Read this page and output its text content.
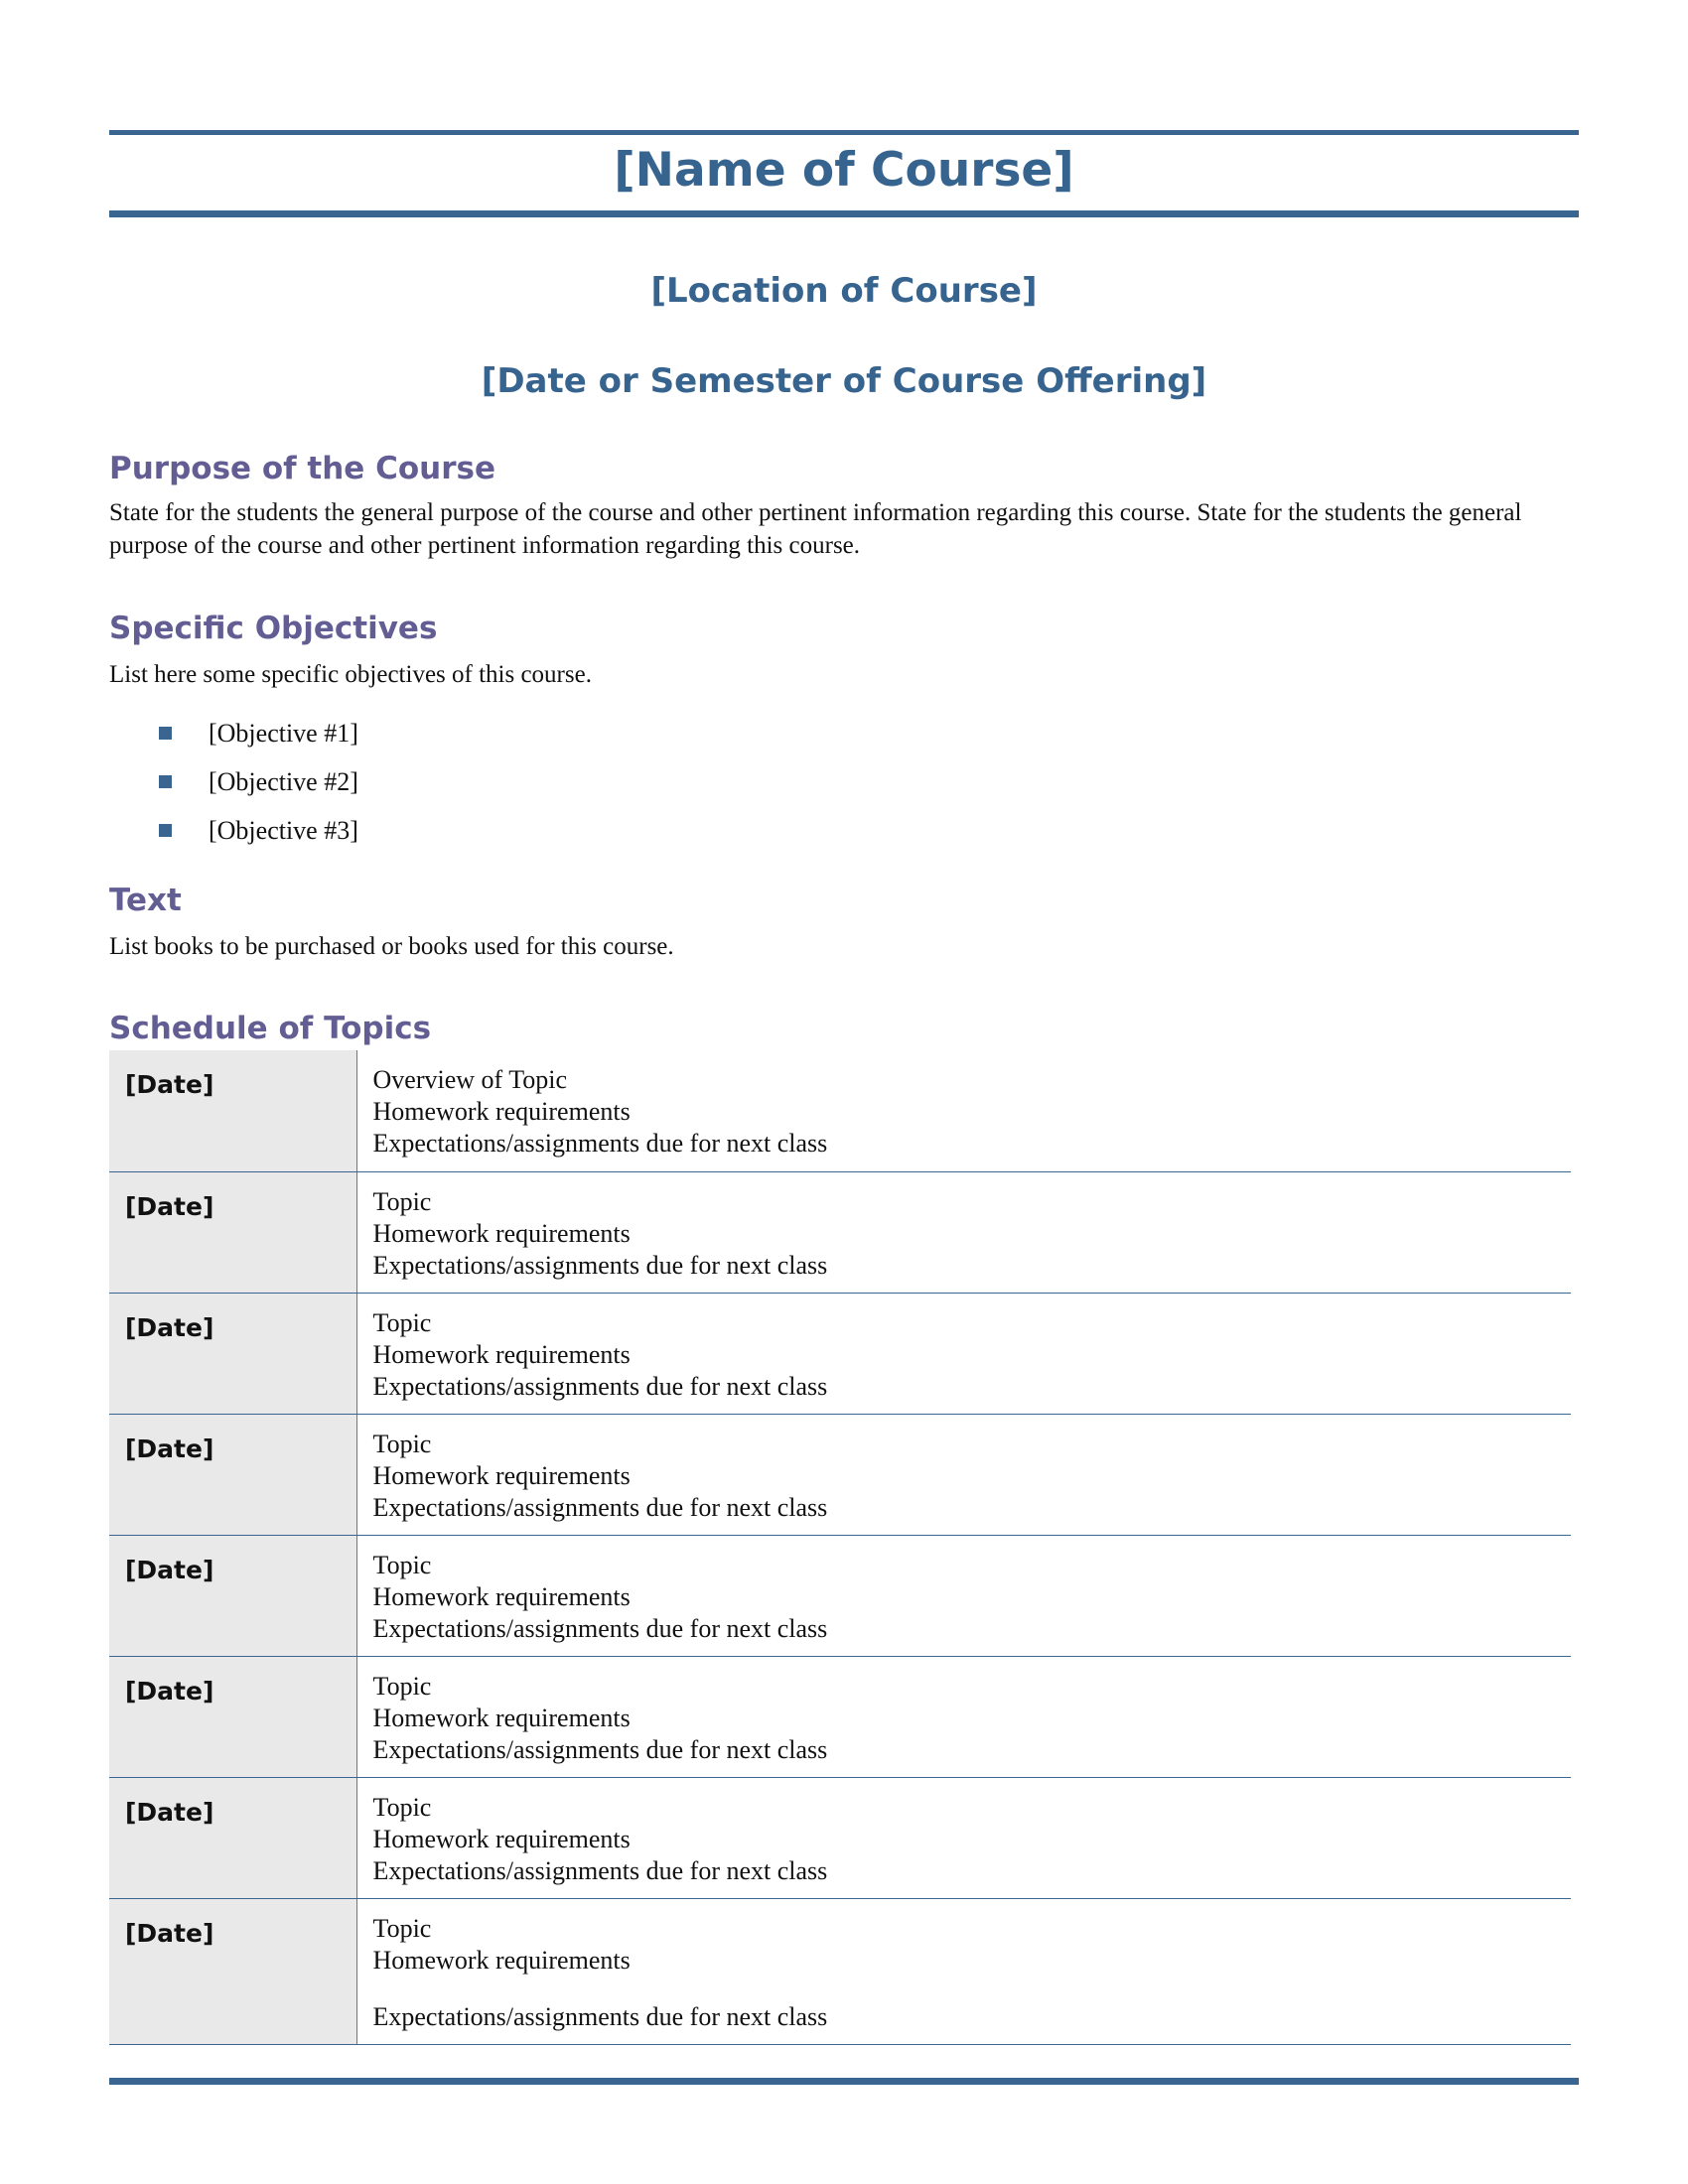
[Name of Course]
[Location of Course]
[Date or Semester of Course Offering]
Purpose of the Course

State for the students the general purpose of the course and other pertinent information regarding this course. State for the students the general purpose of the course and other pertinent information regarding this course.

Specific Objectives

List here some specific objectives of this course.

[Objective #1]
[Objective #2]
[Objective #3]
Text

List books to be purchased or books used for this course.

Schedule of Topics
[Date]	Overview of Topic
Homework requirements
Expectations/assignments due for next class

[Date]	Topic
Homework requirements
Expectations/assignments due for next class

[Date]	Topic
Homework requirements
Expectations/assignments due for next class

[Date]	Topic
Homework requirements
Expectations/assignments due for next class

[Date]	Topic
Homework requirements
Expectations/assignments due for next class

[Date]	Topic
Homework requirements
Expectations/assignments due for next class

[Date]	Topic
Homework requirements
Expectations/assignments due for next class

[Date]	Topic
Homework requirements
Expectations/assignments due for next class
